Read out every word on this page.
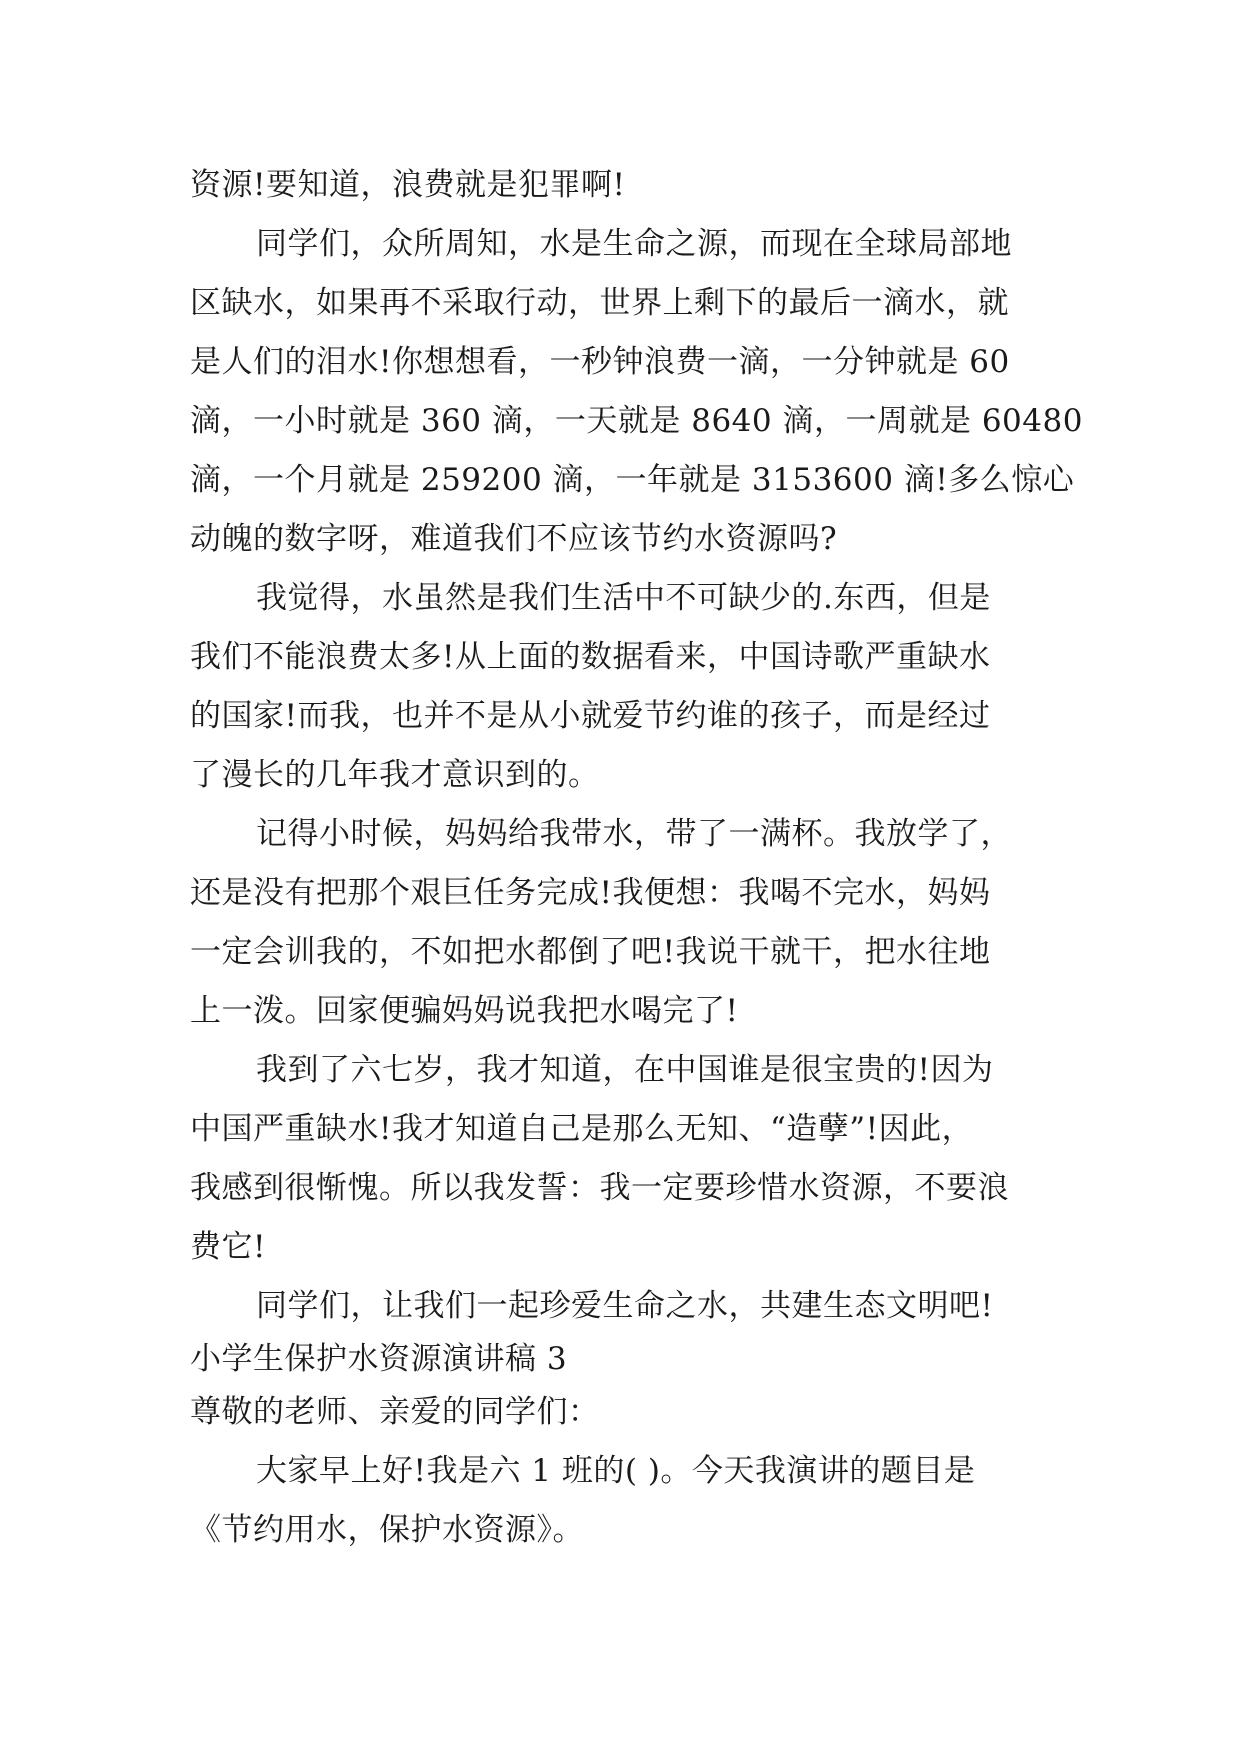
资源!要知道，浪费就是犯罪啊!

同学们，众所周知，水是生命之源，而现在全球局部地

区缺水，如果再不采取行动，世界上剩下的最后一滴水，就

是人们的泪水!你想想看，一秒钟浪费一滴，一分钟就是 60

滴，一小时就是 360 滴，一天就是 8640 滴，一周就是 60480

滴，一个月就是 259200 滴，一年就是 3153600 滴!多么惊心

动魄的数字呀，难道我们不应该节约水资源吗?

我觉得，水虽然是我们生活中不可缺少的.东西，但是

我们不能浪费太多!从上面的数据看来，中国诗歌严重缺水

的国家!而我，也并不是从小就爱节约谁的孩子，而是经过

了漫长的几年我才意识到的。

记得小时候，妈妈给我带水，带了一满杯。我放学了，

还是没有把那个艰巨任务完成!我便想：我喝不完水，妈妈

一定会训我的，不如把水都倒了吧!我说干就干，把水往地

上一泼。回家便骗妈妈说我把水喝完了!

我到了六七岁，我才知道，在中国谁是很宝贵的!因为

中国严重缺水!我才知道自己是那么无知、“造孽”!因此，

我感到很惭愧。所以我发誓：我一定要珍惜水资源，不要浪

费它!

同学们，让我们一起珍爱生命之水，共建生态文明吧!

小学生保护水资源演讲稿 3

尊敬的老师、亲爱的同学们：

大家早上好!我是六 1 班的( )。今天我演讲的题目是

《节约用水，保护水资源》。
